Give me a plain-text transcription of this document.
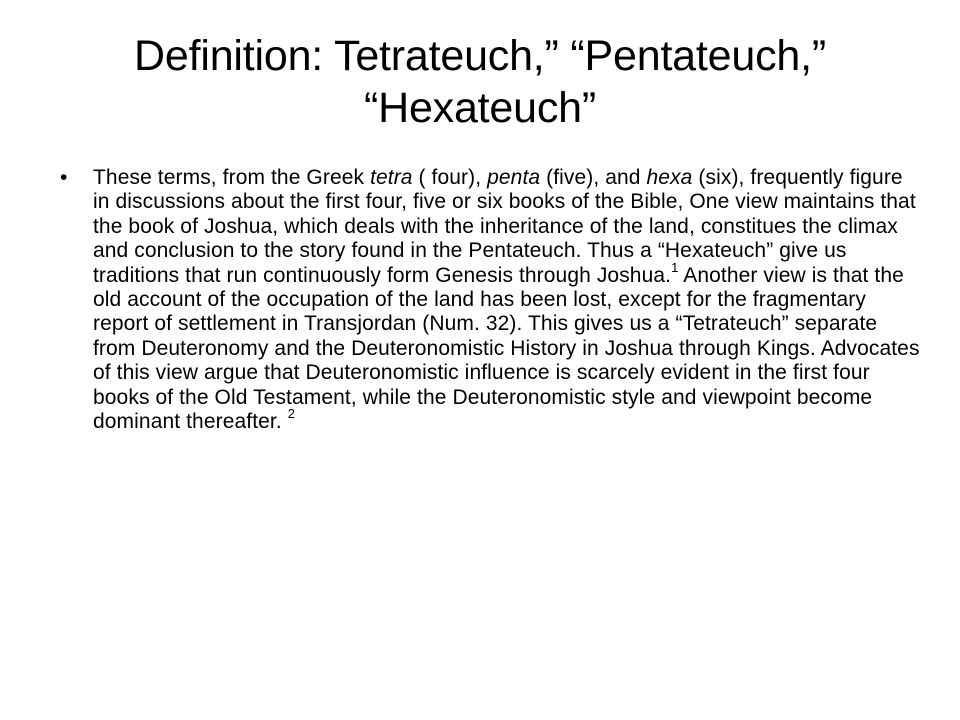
Definition: Tetrateuch,” “Pentateuch,” “Hexateuch”
• These terms, from the Greek tetra ( four), penta (five), and hexa (six), frequently figure in discussions about the first four, five or six books of the Bible, One view maintains that the book of Joshua, which deals with the inheritance of the land, constitues the climax and conclusion to the story found in the Pentateuch. Thus a “Hexateuch” give us traditions that run continuously form Genesis through Joshua.$^1$ Another view is that the old account of the occupation of the land has been lost, except for the fragmentary report of settlement in Transjordan (Num. 32). This gives us a “Tetrateuch” separate from Deuteronomy and the Deuteronomistic History in Joshua through Kings. Advocates of this view argue that Deuteronomistic influence is scarcely evident in the first four books of the Old Testament, while the Deuteronomistic style and viewpoint become dominant thereafter. $^2$
